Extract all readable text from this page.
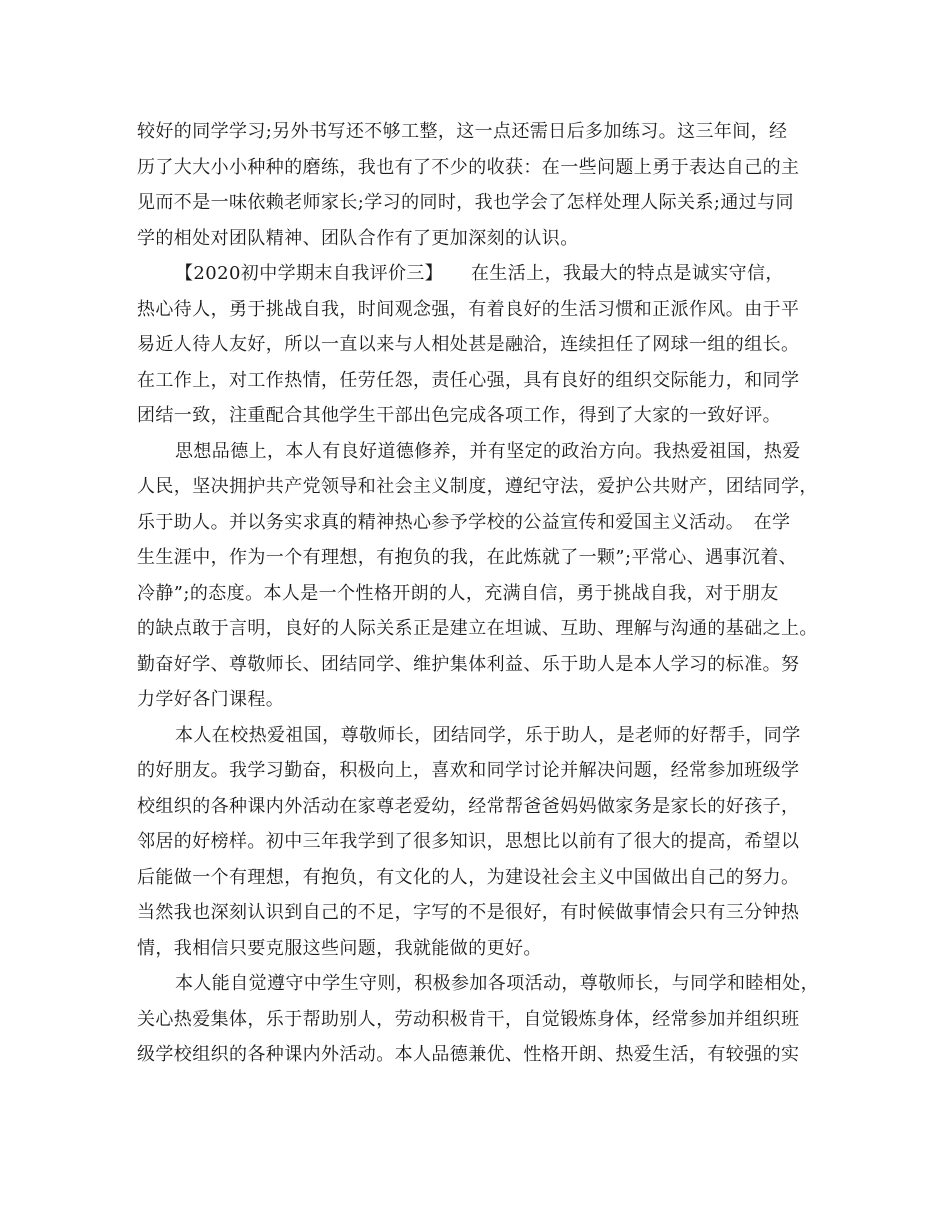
较好的同学学习;另外书写还不够工整，这一点还需日后多加练习。这三年间，经
历了大大小小种种的磨练，我也有了不少的收获：在一些问题上勇于表达自己的主
见而不是一味依赖老师家长;学习的同时，我也学会了怎样处理人际关系;通过与同
学的相处对团队精神、团队合作有了更加深刻的认识。
【2020初中学期末自我评价三】　　在生活上，我最大的特点是诚实守信，
热心待人，勇于挑战自我，时间观念强，有着良好的生活习惯和正派作风。由于平
易近人待人友好，所以一直以来与人相处甚是融洽，连续担任了网球一组的组长。
在工作上，对工作热情，任劳任怨，责任心强，具有良好的组织交际能力，和同学
团结一致，注重配合其他学生干部出色完成各项工作，得到了大家的一致好评。
思想品德上，本人有良好道德修养，并有坚定的政治方向。我热爱祖国，热爱
人民，坚决拥护共产党领导和社会主义制度，遵纪守法，爱护公共财产，团结同学，
乐于助人。并以务实求真的精神热心参予学校的公益宣传和爱国主义活动。　在学
生生涯中，作为一个有理想，有抱负的我，在此炼就了一颗”;平常心、遇事沉着、
冷静”;的态度。本人是一个性格开朗的人，充满自信，勇于挑战自我，对于朋友
的缺点敢于言明，良好的人际关系正是建立在坦诚、互助、理解与沟通的基础之上。
勤奋好学、尊敬师长、团结同学、维护集体利益、乐于助人是本人学习的标准。努
力学好各门课程。
本人在校热爱祖国，尊敬师长，团结同学，乐于助人，是老师的好帮手，同学
的好朋友。我学习勤奋，积极向上，喜欢和同学讨论并解决问题，经常参加班级学
校组织的各种课内外活动在家尊老爱幼，经常帮爸爸妈妈做家务是家长的好孩子，
邻居的好榜样。初中三年我学到了很多知识，思想比以前有了很大的提高，希望以
后能做一个有理想，有抱负，有文化的人，为建设社会主义中国做出自己的努力。
当然我也深刻认识到自己的不足，字写的不是很好，有时候做事情会只有三分钟热
情，我相信只要克服这些问题，我就能做的更好。
本人能自觉遵守中学生守则，积极参加各项活动，尊敬师长，与同学和睦相处，
关心热爱集体，乐于帮助别人，劳动积极肯干，自觉锻炼身体，经常参加并组织班
级学校组织的各种课内外活动。本人品德兼优、性格开朗、热爱生活，有较强的实
